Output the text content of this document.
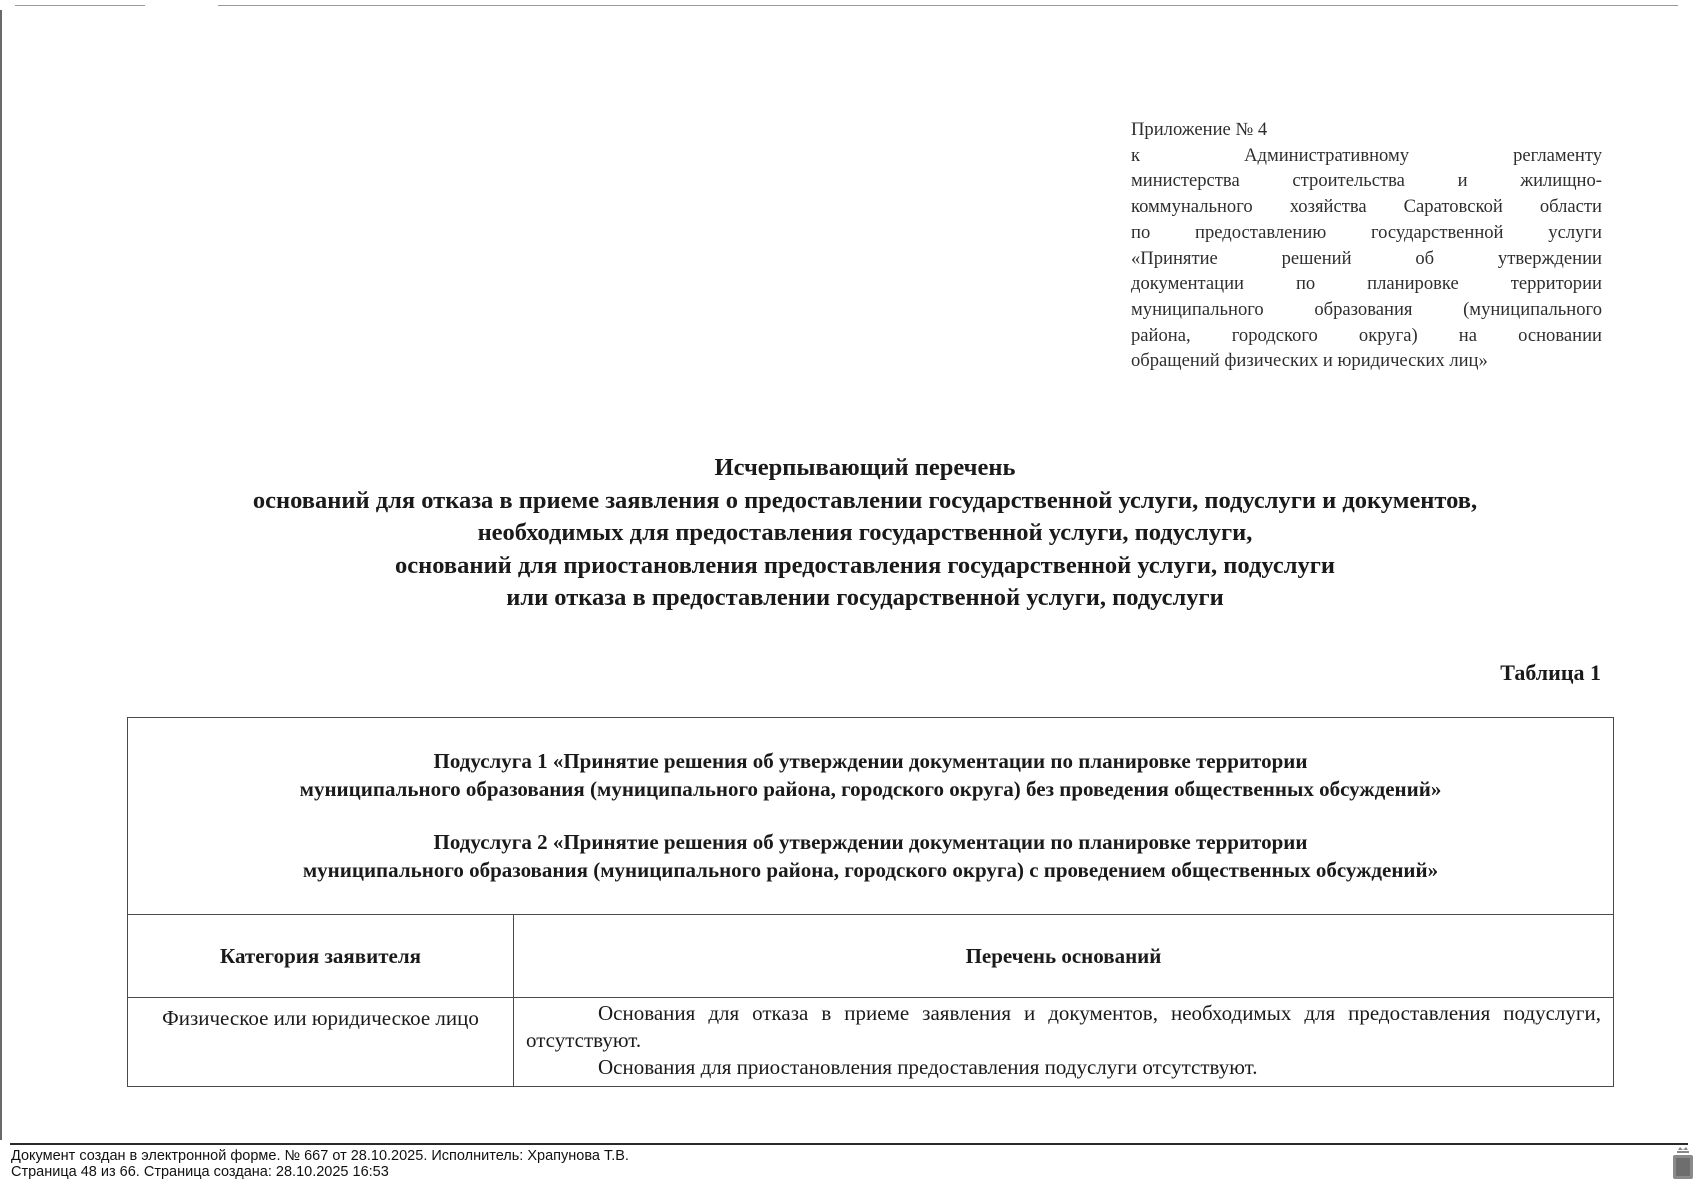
Приложение № 4
к Административному регламенту
министерства строительства и жилищно-
коммунального хозяйства Саратовской области
по предоставлению государственной услуги
«Принятие решений об утверждении
документации по планировке территории
муниципального образования (муниципального
района, городского округа) на основании
обращений физических и юридических лиц»
Исчерпывающий перечень
оснований для отказа в приеме заявления о предоставлении государственной услуги, подуслуги и документов,
необходимых для предоставления государственной услуги, подуслуги,
оснований для приостановления предоставления государственной услуги, подуслуги
или отказа в предоставлении государственной услуги, подуслуги
Таблица 1
Подуслуга 1 «Принятие решения об утверждении документации по планировке территории
муниципального образования (муниципального района, городского округа) без проведения общественных обсуждений»
Подуслуга 2 «Принятие решения об утверждении документации по планировке территории
муниципального образования (муниципального района, городского округа) с проведением общественных обсуждений»	

Категория заявителя	Перечень оснований
Физическое или юридическое лицо	Основания для отказа в приеме заявления и документов, необходимых для предоставления подуслуги, отсутствуют.

Основания для приостановления предоставления подуслуги отсутствуют.

Документ создан в электронной форме. № 667 от 28.10.2025. Исполнитель: Храпунова Т.В.
Страница 48 из 66. Страница создана: 28.10.2025 16:53
